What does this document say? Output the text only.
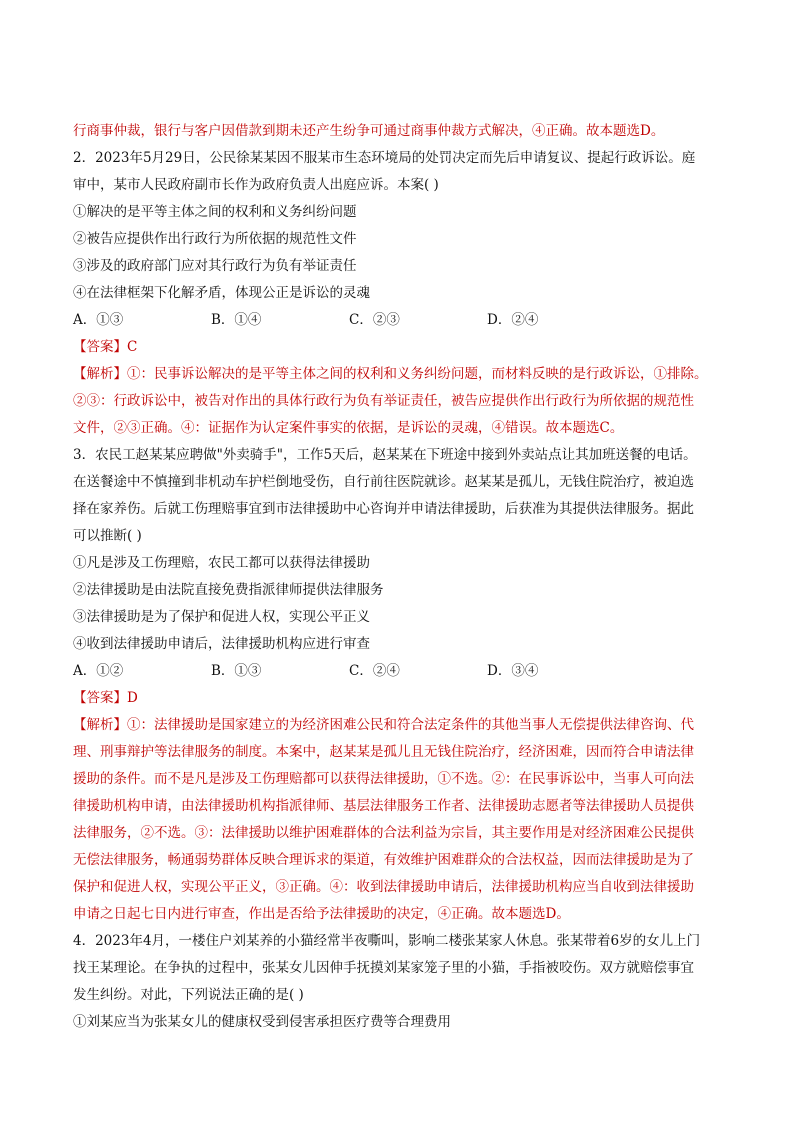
行商事仲裁，银行与客户因借款到期未还产生纷争可通过商事仲裁方式解决，④正确。故本题选D。
2．2023年5月29日，公民徐某某因不服某市生态环境局的处罚决定而先后申请复议、提起行政诉讼。庭
审中，某市人民政府副市长作为政府负责人出庭应诉。本案( )
①解决的是平等主体之间的权利和义务纠纷问题
②被告应提供作出行政行为所依据的规范性文件
③涉及的政府部门应对其行政行为负有举证责任
④在法律框架下化解矛盾，体现公正是诉讼的灵魂
A．①③	B．①④	C．②③	D．②④
【答案】C
【解析】①：民事诉讼解决的是平等主体之间的权利和义务纠纷问题，而材料反映的是行政诉讼，①排除。
②③：行政诉讼中，被告对作出的具体行政行为负有举证责任，被告应提供作出行政行为所依据的规范性
文件，②③正确。④：证据作为认定案件事实的依据，是诉讼的灵魂，④错误。故本题选C。
3．农民工赵某某应聘做"外卖骑手"，工作5天后，赵某某在下班途中接到外卖站点让其加班送餐的电话。
在送餐途中不慎撞到非机动车护栏倒地受伤，自行前往医院就诊。赵某某是孤儿，无钱住院治疗，被迫选
择在家养伤。后就工伤理赔事宜到市法律援助中心咨询并申请法律援助，后获准为其提供法律服务。据此
可以推断( )
①凡是涉及工伤理赔，农民工都可以获得法律援助
②法律援助是由法院直接免费指派律师提供法律服务
③法律援助是为了保护和促进人权，实现公平正义
④收到法律援助申请后，法律援助机构应进行审查
A．①②	B．①③	C．②④	D．③④
【答案】D
【解析】①：法律援助是国家建立的为经济困难公民和符合法定条件的其他当事人无偿提供法律咨询、代
理、刑事辩护等法律服务的制度。本案中，赵某某是孤儿且无钱住院治疗，经济困难，因而符合申请法律
援助的条件。而不是凡是涉及工伤理赔都可以获得法律援助，①不选。②：在民事诉讼中，当事人可向法
律援助机构申请，由法律援助机构指派律师、基层法律服务工作者、法律援助志愿者等法律援助人员提供
法律服务，②不选。③：法律援助以维护困难群体的合法利益为宗旨，其主要作用是对经济困难公民提供
无偿法律服务，畅通弱势群体反映合理诉求的渠道，有效维护困难群众的合法权益，因而法律援助是为了
保护和促进人权，实现公平正义，③正确。④：收到法律援助申请后，法律援助机构应当自收到法律援助
申请之日起七日内进行审查，作出是否给予法律援助的决定，④正确。故本题选D。
4．2023年4月，一楼住户刘某养的小猫经常半夜嘶叫，影响二楼张某家人休息。张某带着6岁的女儿上门
找王某理论。在争执的过程中，张某女儿因伸手抚摸刘某家笼子里的小猫，手指被咬伤。双方就赔偿事宜
发生纠纷。对此，下列说法正确的是( )
①刘某应当为张某女儿的健康权受到侵害承担医疗费等合理费用
